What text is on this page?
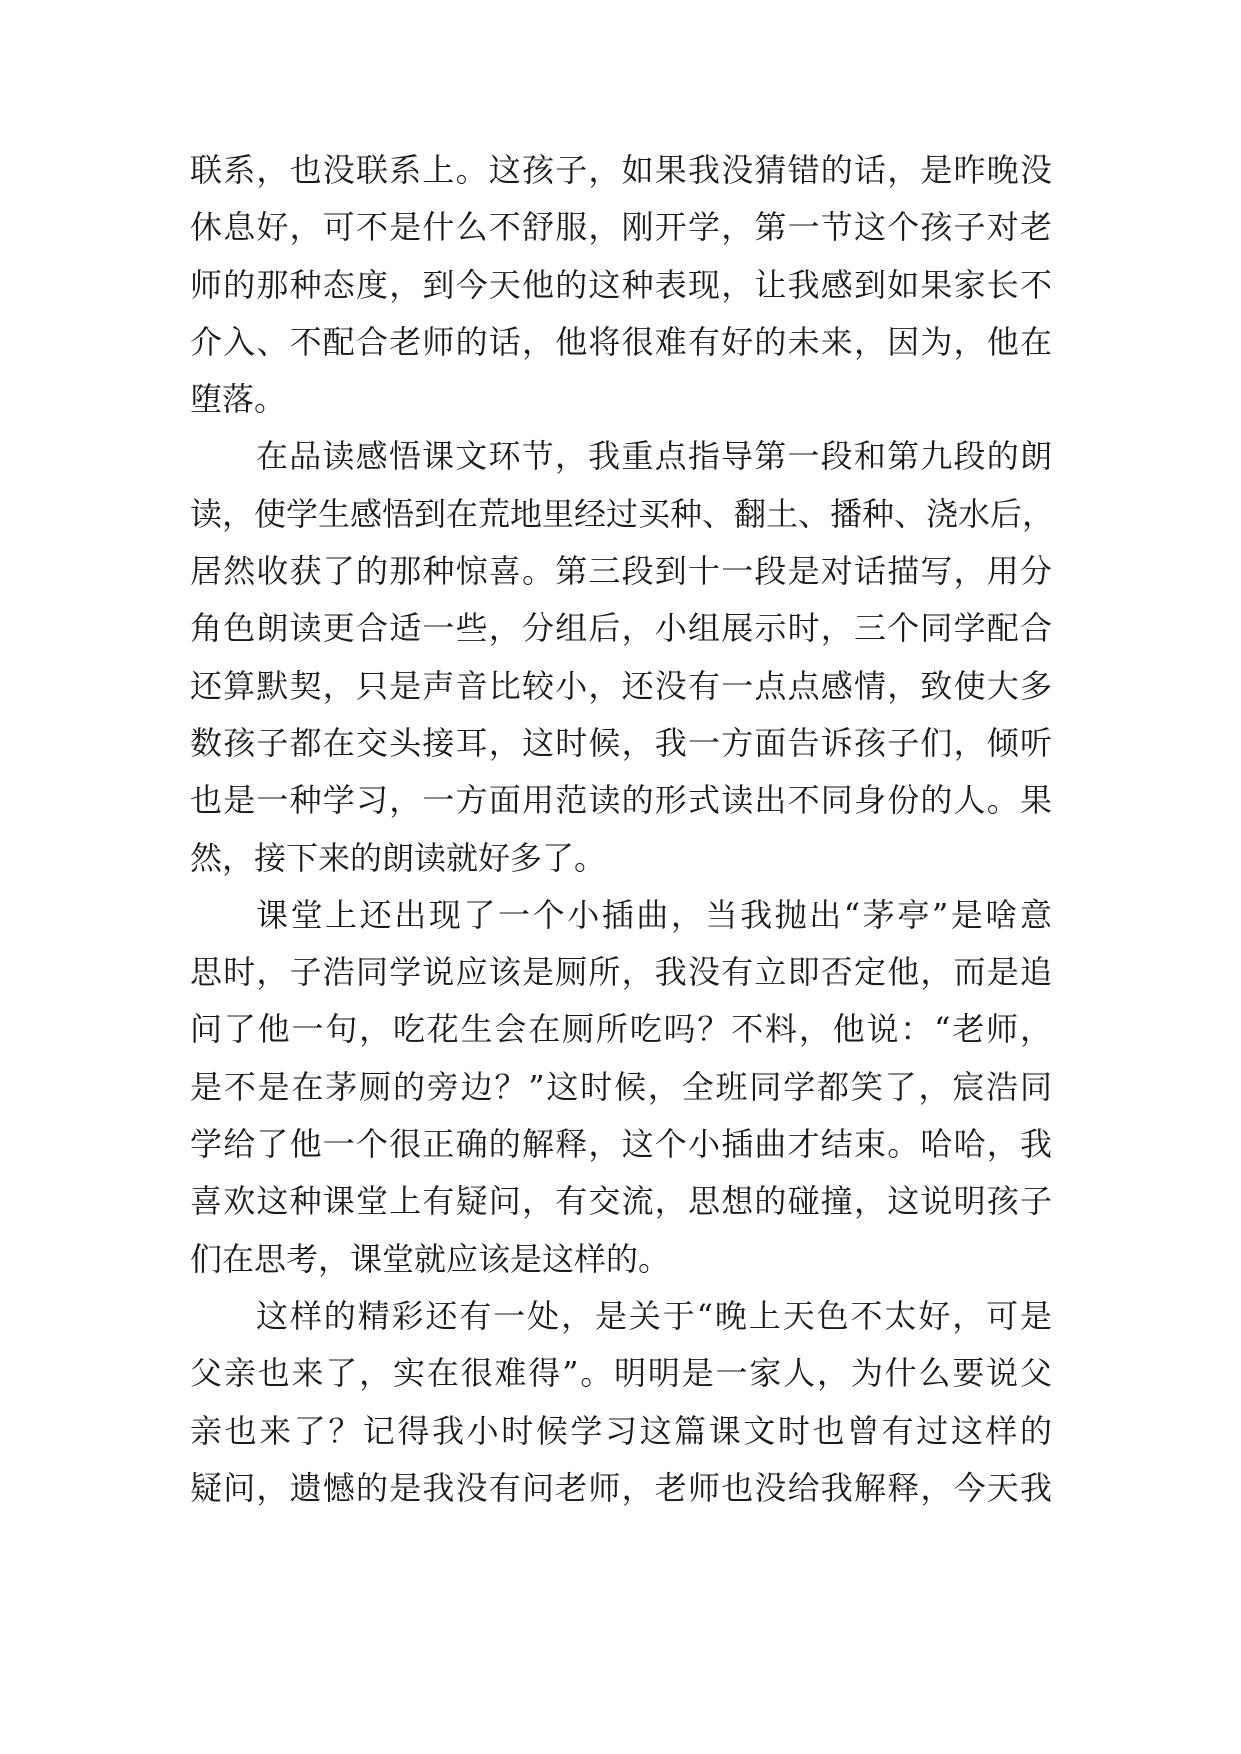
联系，也没联系上。这孩子，如果我没猜错的话，是昨晚没
休息好，可不是什么不舒服，刚开学，第一节这个孩子对老
师的那种态度，到今天他的这种表现，让我感到如果家长不
介入、不配合老师的话，他将很难有好的未来，因为，他在
堕落。
在品读感悟课文环节，我重点指导第一段和第九段的朗
读，使学生感悟到在荒地里经过买种、翻土、播种、浇水后，
居然收获了的那种惊喜。第三段到十一段是对话描写，用分
角色朗读更合适一些，分组后，小组展示时，三个同学配合
还算默契，只是声音比较小，还没有一点点感情，致使大多
数孩子都在交头接耳，这时候，我一方面告诉孩子们，倾听
也是一种学习，一方面用范读的形式读出不同身份的人。果
然，接下来的朗读就好多了。
课堂上还出现了一个小插曲，当我抛出“茅亭”是啥意
思时，子浩同学说应该是厕所，我没有立即否定他，而是追
问了他一句，吃花生会在厕所吃吗？不料，他说：“老师，
是不是在茅厕的旁边？”这时候，全班同学都笑了，宸浩同
学给了他一个很正确的解释，这个小插曲才结束。哈哈，我
喜欢这种课堂上有疑问，有交流，思想的碰撞，这说明孩子
们在思考，课堂就应该是这样的。
这样的精彩还有一处，是关于“晚上天色不太好，可是
父亲也来了，实在很难得”。明明是一家人，为什么要说父
亲也来了？记得我小时候学习这篇课文时也曾有过这样的
疑问，遗憾的是我没有问老师，老师也没给我解释，今天我
